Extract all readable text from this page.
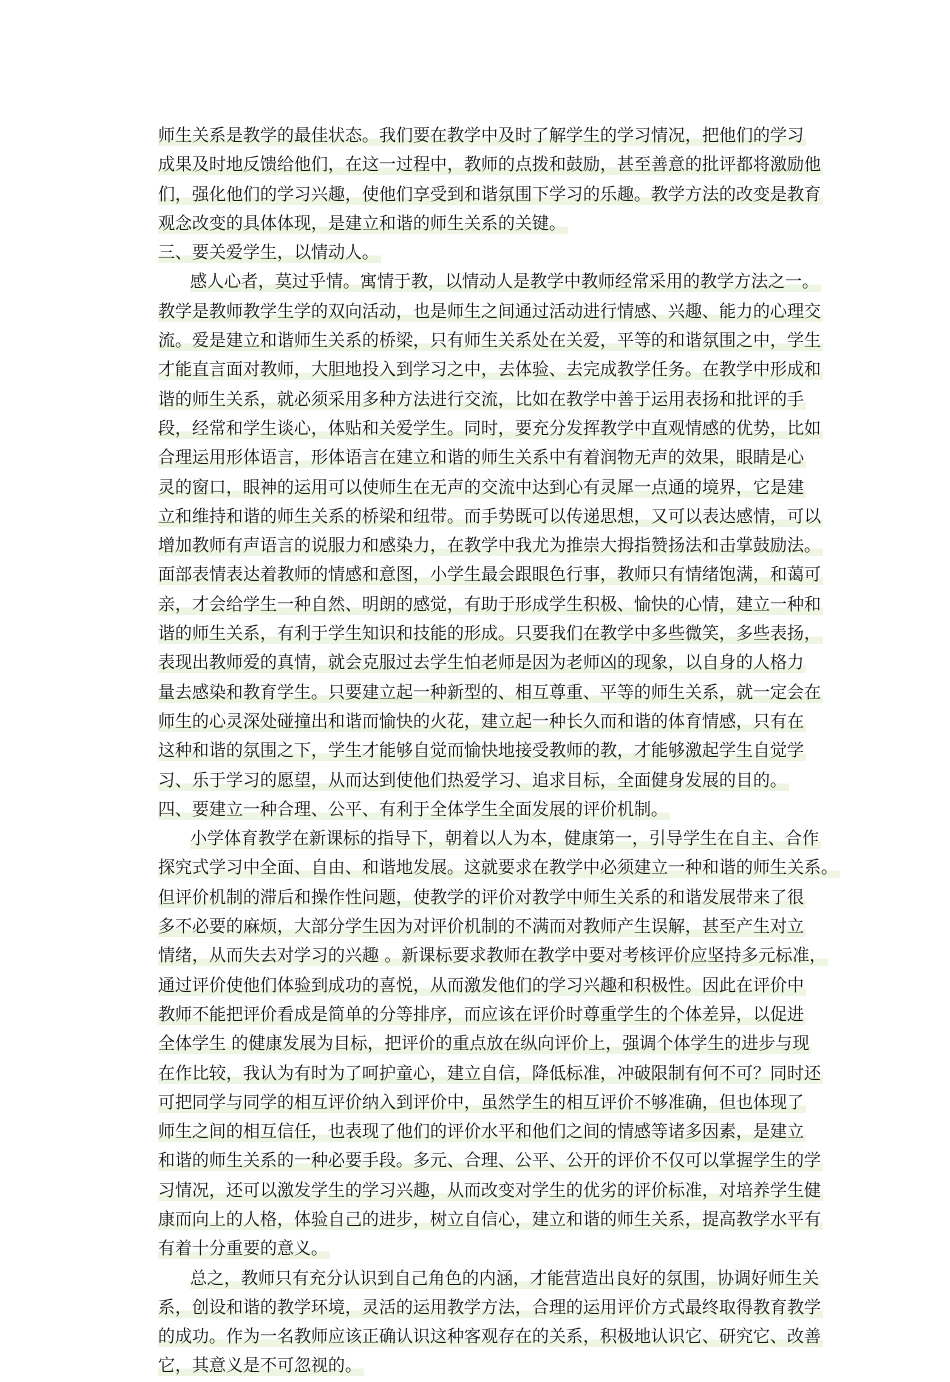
师生关系是教学的最佳状态。我们要在教学中及时了解学生的学习情况，把他们的学习
成果及时地反馈给他们，在这一过程中，教师的点拨和鼓励，甚至善意的批评都将激励他
们，强化他们的学习兴趣，使他们享受到和谐氛围下学习的乐趣。教学方法的改变是教育
观念改变的具体体现，是建立和谐的师生关系的关键。
三、要关爱学生，以情动人。
感人心者，莫过乎情。寓情于教，以情动人是教学中教师经常采用的教学方法之一。
教学是教师教学生学的双向活动，也是师生之间通过活动进行情感、兴趣、能力的心理交
流。爱是建立和谐师生关系的桥梁，只有师生关系处在关爱，平等的和谐氛围之中，学生
才能直言面对教师，大胆地投入到学习之中，去体验、去完成教学任务。在教学中形成和
谐的师生关系，就必须采用多种方法进行交流，比如在教学中善于运用表扬和批评的手
段，经常和学生谈心，体贴和关爱学生。同时，要充分发挥教学中直观情感的优势，比如
合理运用形体语言，形体语言在建立和谐的师生关系中有着润物无声的效果，眼睛是心
灵的窗口，眼神的运用可以使师生在无声的交流中达到心有灵犀一点通的境界，它是建
立和维持和谐的师生关系的桥梁和纽带。而手势既可以传递思想，又可以表达感情，可以
增加教师有声语言的说服力和感染力，在教学中我尤为推崇大拇指赞扬法和击掌鼓励法。
面部表情表达着教师的情感和意图，小学生最会跟眼色行事，教师只有情绪饱满，和蔼可
亲，才会给学生一种自然、明朗的感觉，有助于形成学生积极、愉快的心情，建立一种和
谐的师生关系，有利于学生知识和技能的形成。只要我们在教学中多些微笑，多些表扬，
表现出教师爱的真情，就会克服过去学生怕老师是因为老师凶的现象，以自身的人格力
量去感染和教育学生。只要建立起一种新型的、相互尊重、平等的师生关系，就一定会在
师生的心灵深处碰撞出和谐而愉快的火花，建立起一种长久而和谐的体育情感，只有在
这种和谐的氛围之下，学生才能够自觉而愉快地接受教师的教，才能够激起学生自觉学
习、乐于学习的愿望，从而达到使他们热爱学习、追求目标，全面健身发展的目的。
四、要建立一种合理、公平、有利于全体学生全面发展的评价机制。
小学体育教学在新课标的指导下，朝着以人为本，健康第一，引导学生在自主、合作
探究式学习中全面、自由、和谐地发展。这就要求在教学中必须建立一种和谐的师生关系。
但评价机制的滞后和操作性问题，使教学的评价对教学中师生关系的和谐发展带来了很
多不必要的麻烦，大部分学生因为对评价机制的不满而对教师产生误解，甚至产生对立
情绪，从而失去对学习的兴趣 。新课标要求教师在教学中要对考核评价应坚持多元标准，
通过评价使他们体验到成功的喜悦，从而激发他们的学习兴趣和积极性。因此在评价中
教师不能把评价看成是简单的分等排序，而应该在评价时尊重学生的个体差异，以促进
全体学生 的健康发展为目标，把评价的重点放在纵向评价上，强调个体学生的进步与现
在作比较，我认为有时为了呵护童心，建立自信，降低标准，冲破限制有何不可？同时还
可把同学与同学的相互评价纳入到评价中，虽然学生的相互评价不够准确，但也体现了
师生之间的相互信任，也表现了他们的评价水平和他们之间的情感等诸多因素，是建立
和谐的师生关系的一种必要手段。多元、合理、公平、公开的评价不仅可以掌握学生的学
习情况，还可以激发学生的学习兴趣，从而改变对学生的优劣的评价标准，对培养学生健
康而向上的人格，体验自己的进步，树立自信心，建立和谐的师生关系，提高教学水平有
有着十分重要的意义。
总之，教师只有充分认识到自己角色的内涵，才能营造出良好的氛围，协调好师生关
系，创设和谐的教学环境，灵活的运用教学方法，合理的运用评价方式最终取得教育教学
的成功。作为一名教师应该正确认识这种客观存在的关系，积极地认识它、研究它、改善
它，其意义是不可忽视的。
